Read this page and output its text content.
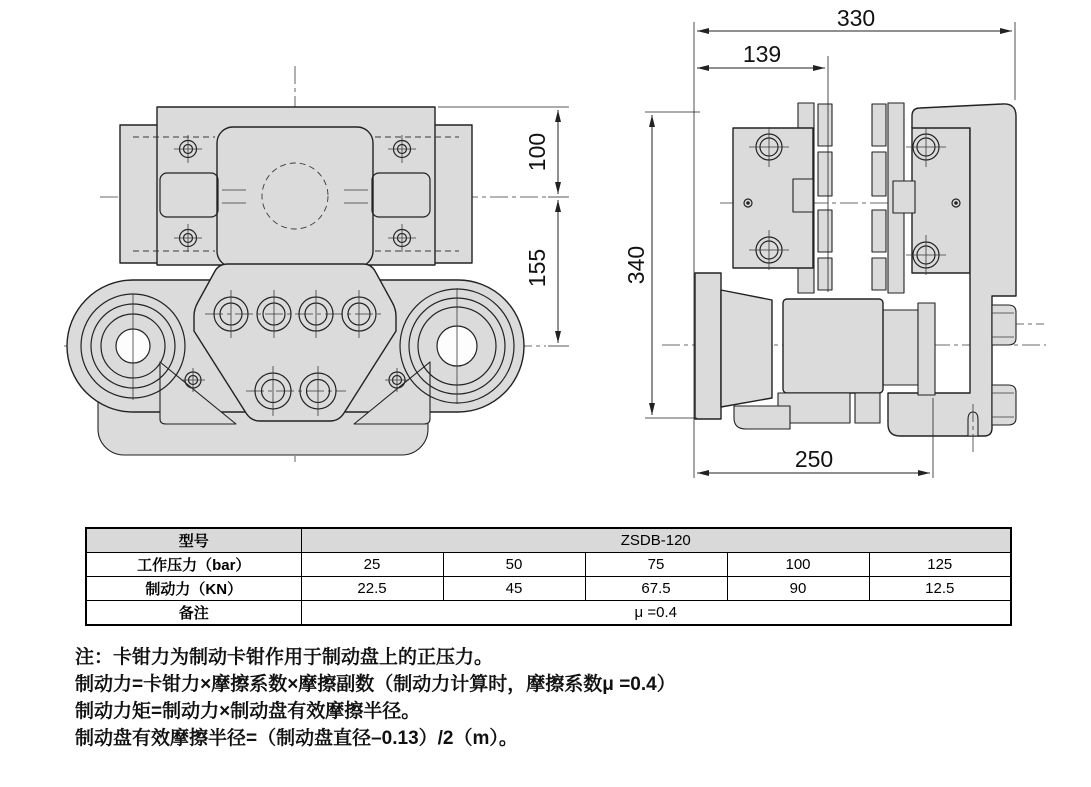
100
155
330
139
340
250
型号	ZSDB-120				
工作压力（bar）	25	50	75	100	125
制动力（KN）	22.5	45	67.5	90	12.5
备注	μ =0.4				

注：卡钳力为制动卡钳作用于制动盘上的正压力。

制动力=卡钳力×摩擦系数×摩擦副数（制动力计算时，摩擦系数μ =0.4）

制动力矩=制动力×制动盘有效摩擦半径。

制动盘有效摩擦半径=（制动盘直径–0.13）/2（m）。
